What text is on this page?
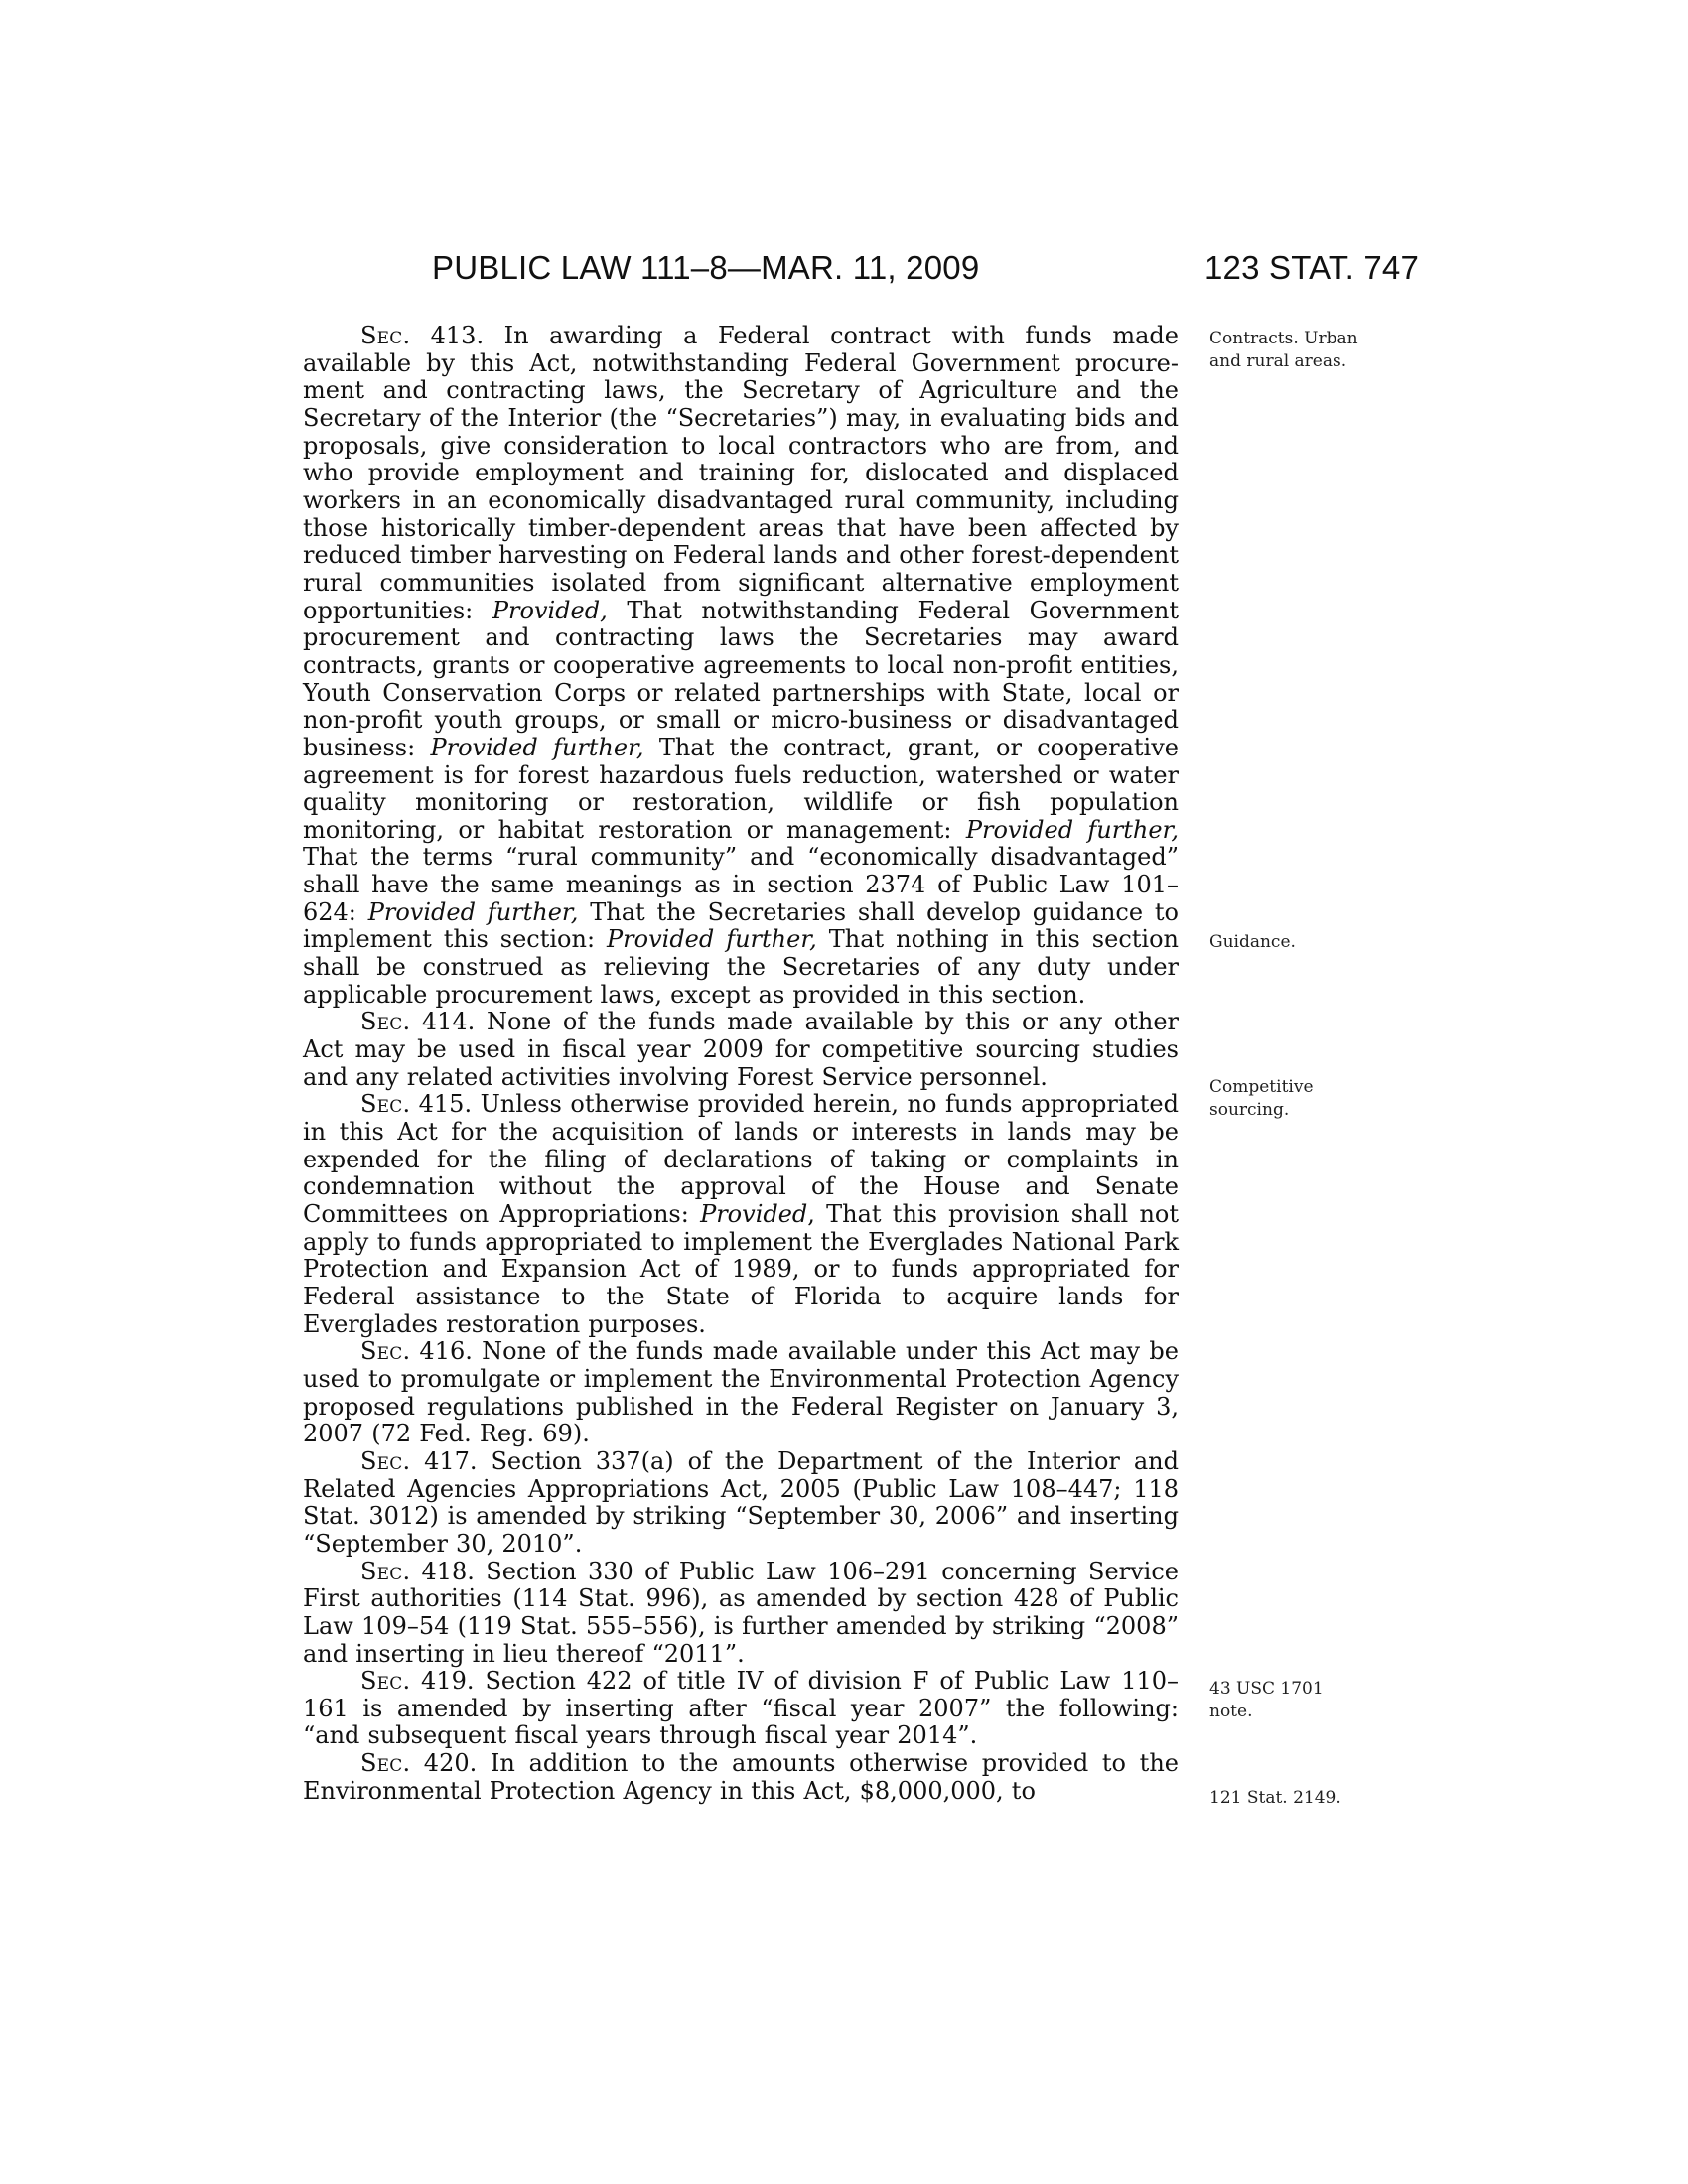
PUBLIC LAW 111–8—MAR. 11, 2009	123 STAT. 747

Sec. 413. In awarding a Federal contract with funds made available by this Act, notwithstanding Federal Government procurement and contracting laws, the Secretary of Agriculture and the Secretary of the Interior (the “Secretaries”) may, in evaluating bids and proposals, give consideration to local contractors who are from, and who provide employment and training for, dislocated and displaced workers in an economically disadvantaged rural community, including those historically timber-dependent areas that have been affected by reduced timber harvesting on Federal lands and other forest-dependent rural communities isolated from significant alternative employment opportunities: Provided, That notwithstanding Federal Government procurement and contracting laws the Secretaries may award contracts, grants or cooperative agreements to local non-profit entities, Youth Conservation Corps or related partnerships with State, local or non-profit youth groups, or small or micro-business or disadvantaged business: Provided further, That the contract, grant, or cooperative agreement is for forest hazardous fuels reduction, watershed or water quality monitoring or restoration, wildlife or fish population monitoring, or habitat restoration or management: Provided further, That the terms “rural community” and “economically disadvantaged” shall have the same meanings as in section 2374 of Public Law 101–624: Provided further, That the Secretaries shall develop guidance to implement this section: Provided further, That nothing in this section shall be construed as relieving the Secretaries of any duty under applicable procurement laws, except as provided in this section.

Sec. 414. None of the funds made available by this or any other Act may be used in fiscal year 2009 for competitive sourcing studies and any related activities involving Forest Service personnel.

Sec. 415. Unless otherwise provided herein, no funds appropriated in this Act for the acquisition of lands or interests in lands may be expended for the filing of declarations of taking or complaints in condemnation without the approval of the House and Senate Committees on Appropriations: Provided, That this provision shall not apply to funds appropriated to implement the Everglades National Park Protection and Expansion Act of 1989, or to funds appropriated for Federal assistance to the State of Florida to acquire lands for Everglades restoration purposes.

Sec. 416. None of the funds made available under this Act may be used to promulgate or implement the Environmental Protection Agency proposed regulations published in the Federal Register on January 3, 2007 (72 Fed. Reg. 69).

Sec. 417. Section 337(a) of the Department of the Interior and Related Agencies Appropriations Act, 2005 (Public Law 108–447; 118 Stat. 3012) is amended by striking “September 30, 2006” and inserting “September 30, 2010”.

Sec. 418. Section 330 of Public Law 106–291 concerning Service First authorities (114 Stat. 996), as amended by section 428 of Public Law 109–54 (119 Stat. 555–556), is further amended by striking “2008” and inserting in lieu thereof “2011”.

Sec. 419. Section 422 of title IV of division F of Public Law 110–161 is amended by inserting after “fiscal year 2007” the following: “and subsequent fiscal years through fiscal year 2014”.

Sec. 420. In addition to the amounts otherwise provided to the Environmental Protection Agency in this Act, $8,000,000, to

Contracts. Urban and rural areas.
Guidance.
Competitive sourcing.
43 USC 1701 note.
121 Stat. 2149.
